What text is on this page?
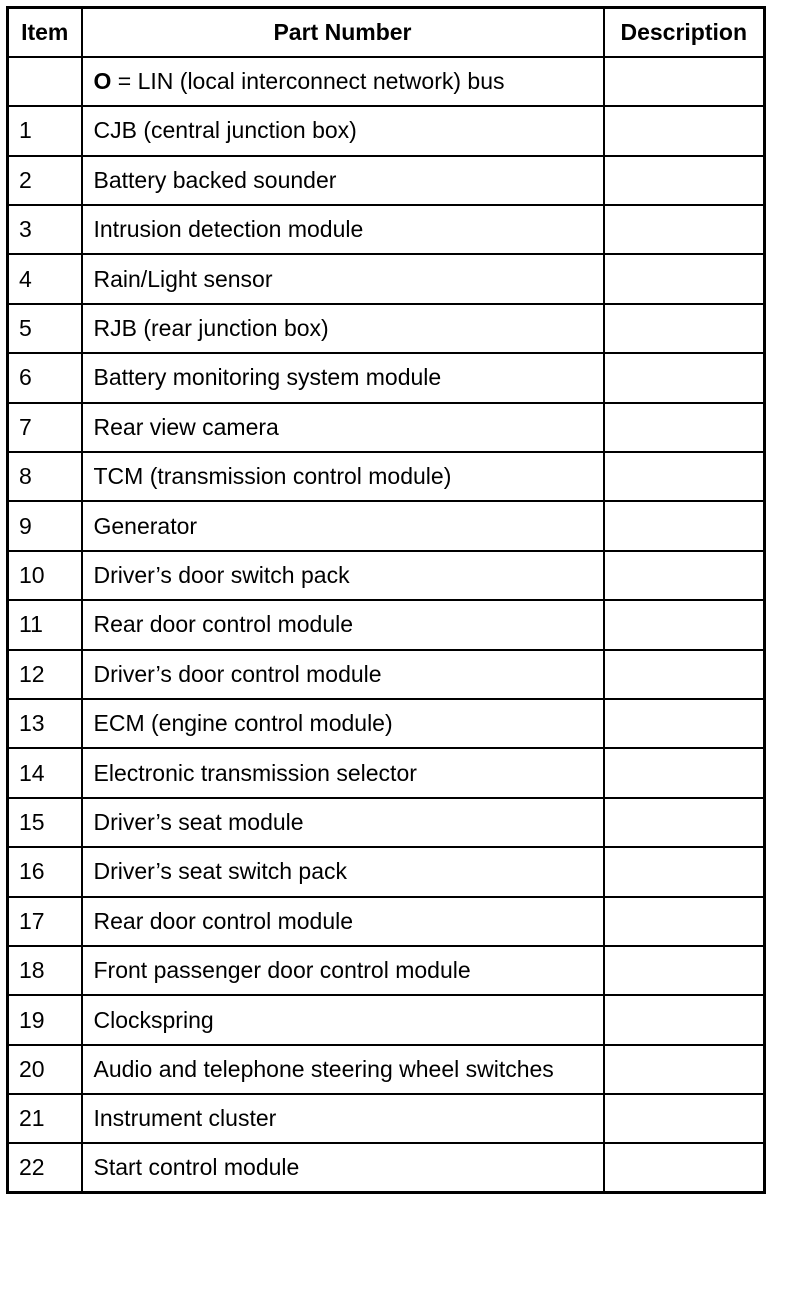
Item	Part Number	Description
	O = LIN (local interconnect network) bus	
1	CJB (central junction box)	
2	Battery backed sounder	
3	Intrusion detection module	
4	Rain/Light sensor	
5	RJB (rear junction box)	
6	Battery monitoring system module	
7	Rear view camera	
8	TCM (transmission control module)	
9	Generator	
10	Driver’s door switch pack	
11	Rear door control module	
12	Driver’s door control module	
13	ECM (engine control module)	
14	Electronic transmission selector	
15	Driver’s seat module	
16	Driver’s seat switch pack	
17	Rear door control module	
18	Front passenger door control module	
19	Clockspring	
20	Audio and telephone steering wheel switches	
21	Instrument cluster	
22	Start control module	
